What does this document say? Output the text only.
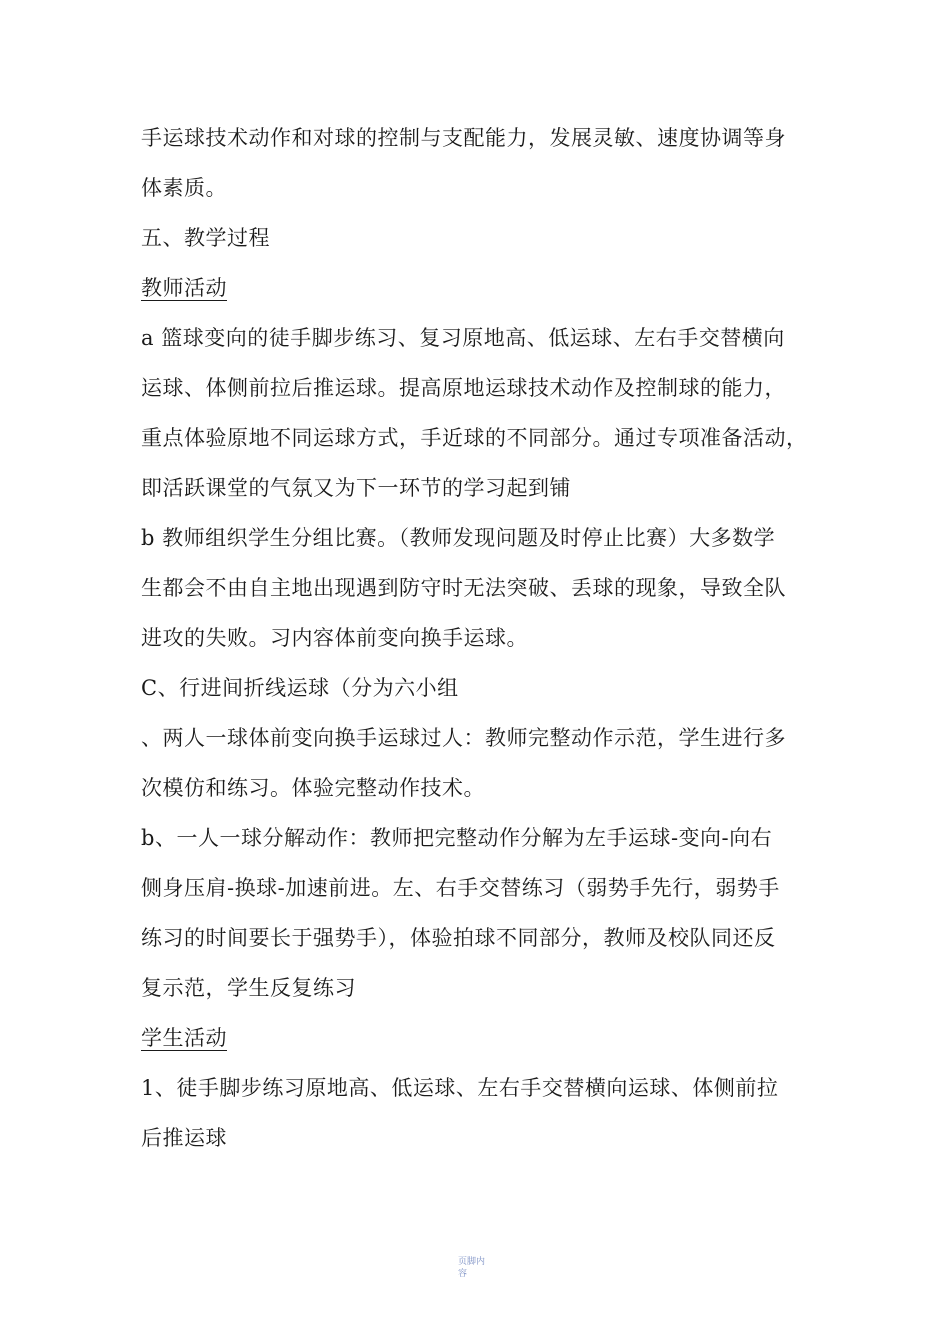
手运球技术动作和对球的控制与支配能力，发展灵敏、速度协调等身
体素质。
五、教学过程
教师活动
a 篮球变向的徒手脚步练习、复习原地高、低运球、左右手交替横向
运球、体侧前拉后推运球。提高原地运球技术动作及控制球的能力，
重点体验原地不同运球方式，手近球的不同部分。通过专项准备活动，
即活跃课堂的气氛又为下一环节的学习起到铺
b 教师组织学生分组比赛。（教师发现问题及时停止比赛）大多数学
生都会不由自主地出现遇到防守时无法突破、丢球的现象，导致全队
进攻的失败。习内容体前变向换手运球。
C、行进间折线运球（分为六小组
、两人一球体前变向换手运球过人：教师完整动作示范，学生进行多
次模仿和练习。体验完整动作技术。
b、一人一球分解动作：教师把完整动作分解为左手运球-变向-向右
侧身压肩-换球-加速前进。左、右手交替练习（弱势手先行，弱势手
练习的时间要长于强势手），体验拍球不同部分，教师及校队同还反
复示范，学生反复练习
学生活动
1、徒手脚步练习原地高、低运球、左右手交替横向运球、体侧前拉
后推运球
页脚内容
